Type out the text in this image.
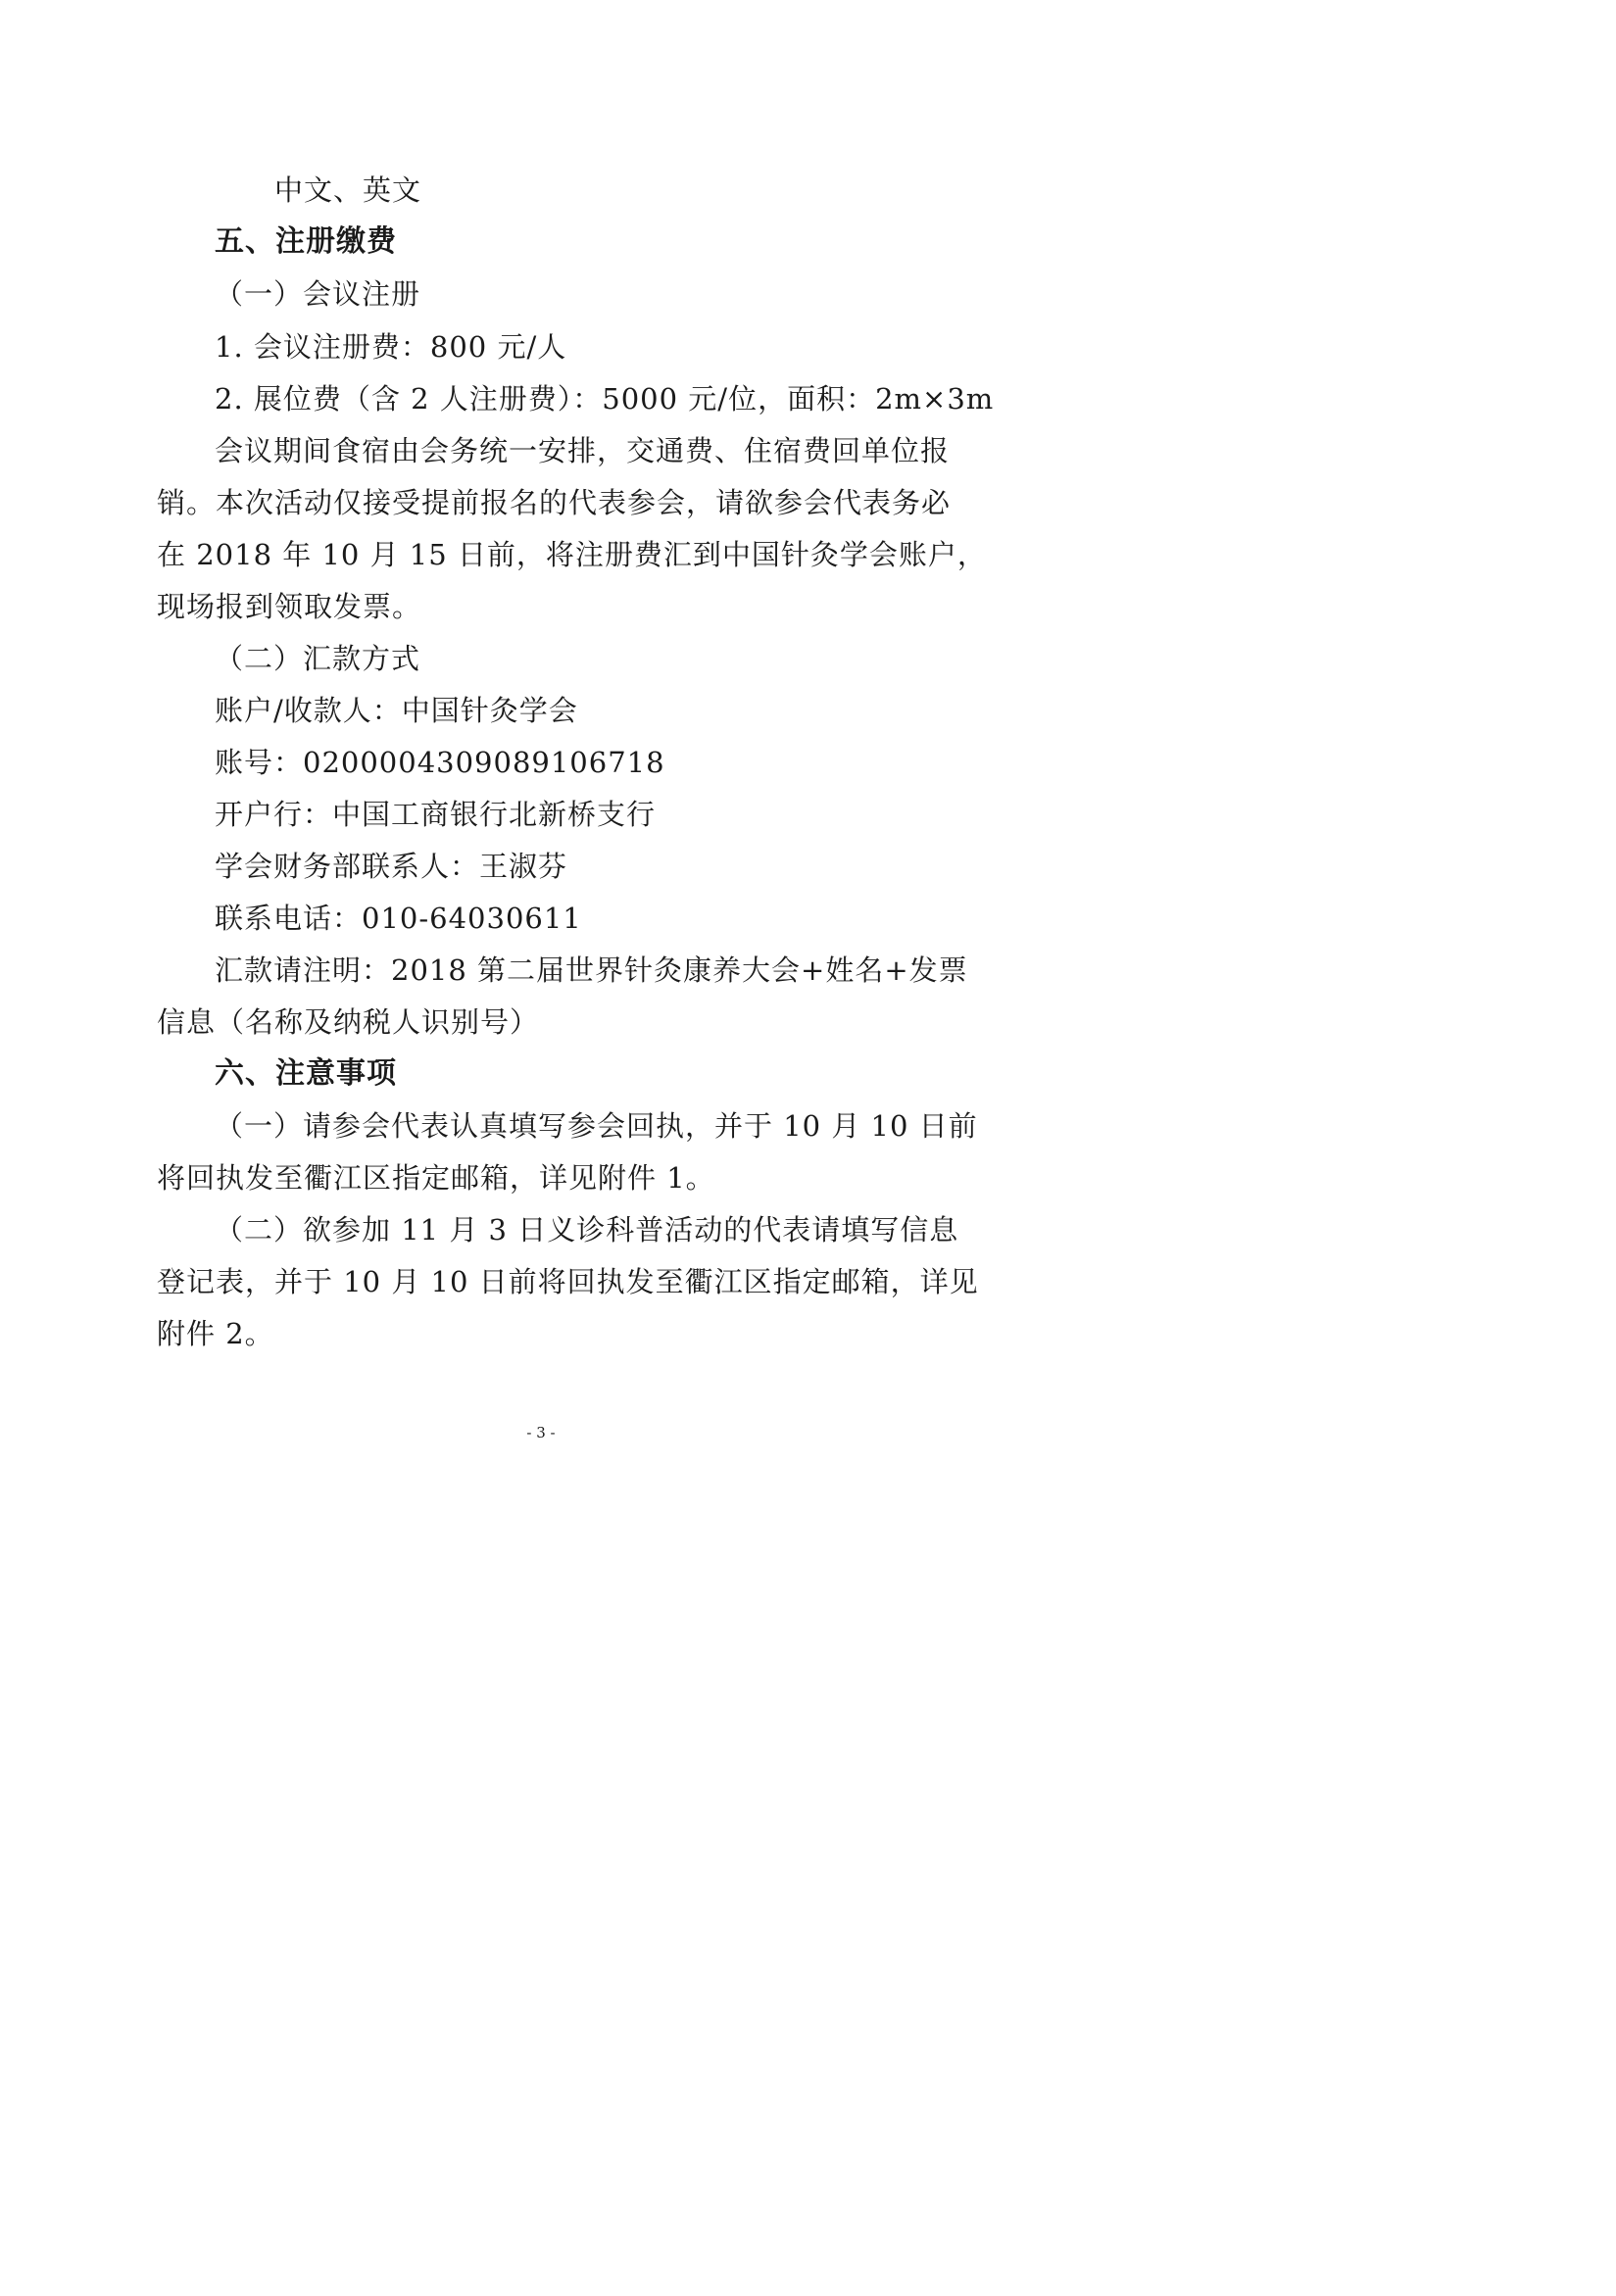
中文、英文
五、注册缴费
（一）会议注册
1. 会议注册费：800 元/人
2. 展位费（含 2 人注册费）：5000 元/位，面积：2m×3m
会议期间食宿由会务统一安排，交通费、住宿费回单位报
销。本次活动仅接受提前报名的代表参会，请欲参会代表务必
在 2018 年 10 月 15 日前，将注册费汇到中国针灸学会账户，
现场报到领取发票。
（二）汇款方式
账户/收款人：中国针灸学会
账号：0200004309089106718
开户行：中国工商银行北新桥支行
学会财务部联系人：王淑芬
联系电话：010-64030611
汇款请注明：2018 第二届世界针灸康养大会+姓名+发票
信息（名称及纳税人识别号）
六、注意事项
（一）请参会代表认真填写参会回执，并于 10 月 10 日前
将回执发至衢江区指定邮箱，详见附件 1。
（二）欲参加 11 月 3 日义诊科普活动的代表请填写信息
登记表，并于 10 月 10 日前将回执发至衢江区指定邮箱，详见
附件 2。
- 3 -
